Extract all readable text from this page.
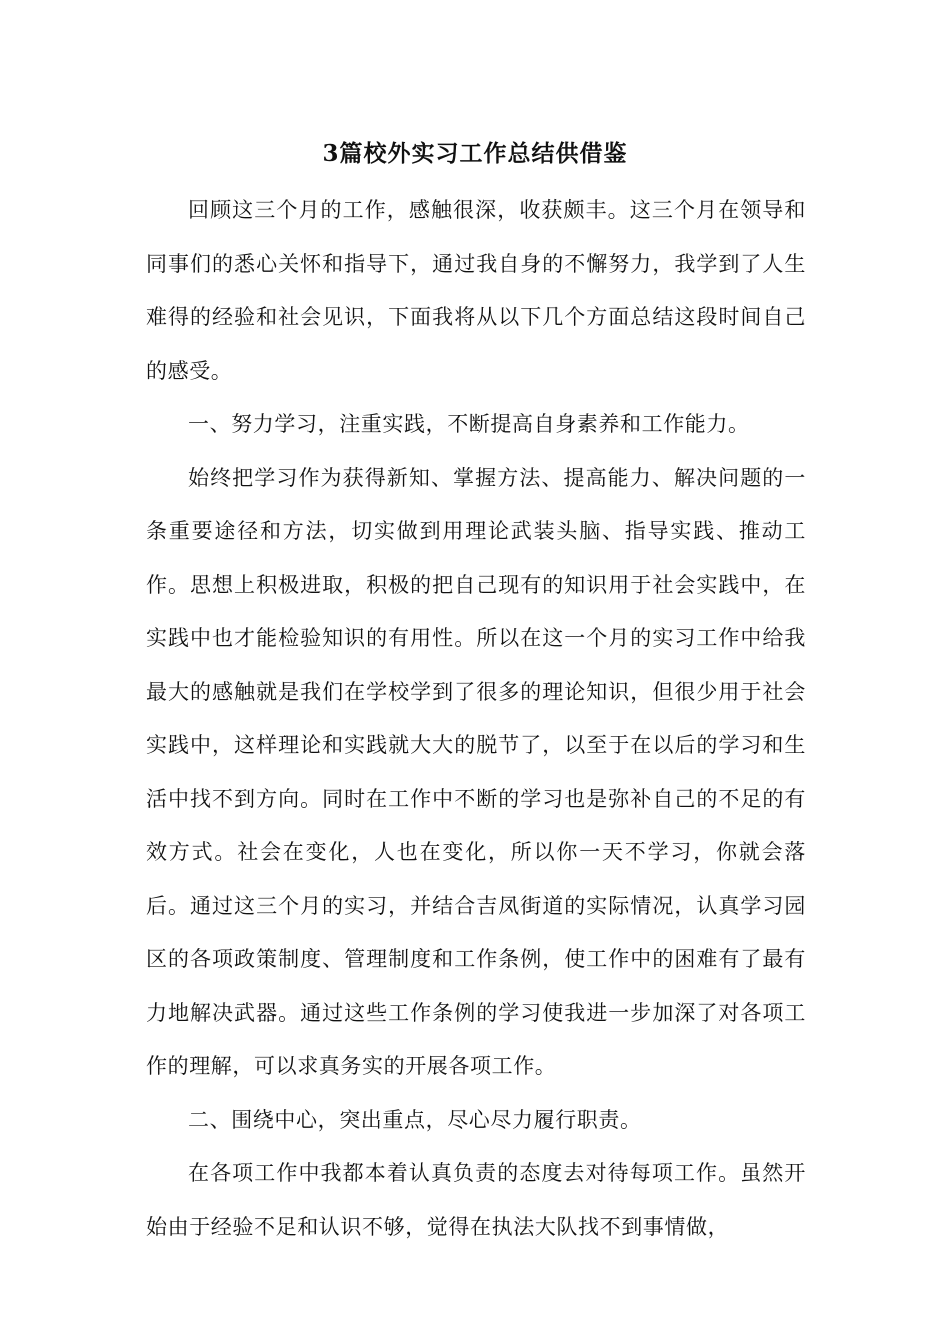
3篇校外实习工作总结供借鉴

回顾这三个月的工作，感触很深，收获颇丰。这三个月在领导和同事们的悉心关怀和指导下，通过我自身的不懈努力，我学到了人生难得的经验和社会见识，下面我将从以下几个方面总结这段时间自己的感受。

一、努力学习，注重实践，不断提高自身素养和工作能力。

始终把学习作为获得新知、掌握方法、提高能力、解决问题的一条重要途径和方法，切实做到用理论武装头脑、指导实践、推动工作。思想上积极进取，积极的把自己现有的知识用于社会实践中，在实践中也才能检验知识的有用性。所以在这一个月的实习工作中给我最大的感触就是我们在学校学到了很多的理论知识，但很少用于社会实践中，这样理论和实践就大大的脱节了，以至于在以后的学习和生活中找不到方向。同时在工作中不断的学习也是弥补自己的不足的有效方式。社会在变化，人也在变化，所以你一天不学习，你就会落后。通过这三个月的实习，并结合吉凤街道的实际情况，认真学习园区的各项政策制度、管理制度和工作条例，使工作中的困难有了最有力地解决武器。通过这些工作条例的学习使我进一步加深了对各项工作的理解，可以求真务实的开展各项工作。

二、围绕中心，突出重点，尽心尽力履行职责。

在各项工作中我都本着认真负责的态度去对待每项工作。虽然开始由于经验不足和认识不够，觉得在执法大队找不到事情做，
